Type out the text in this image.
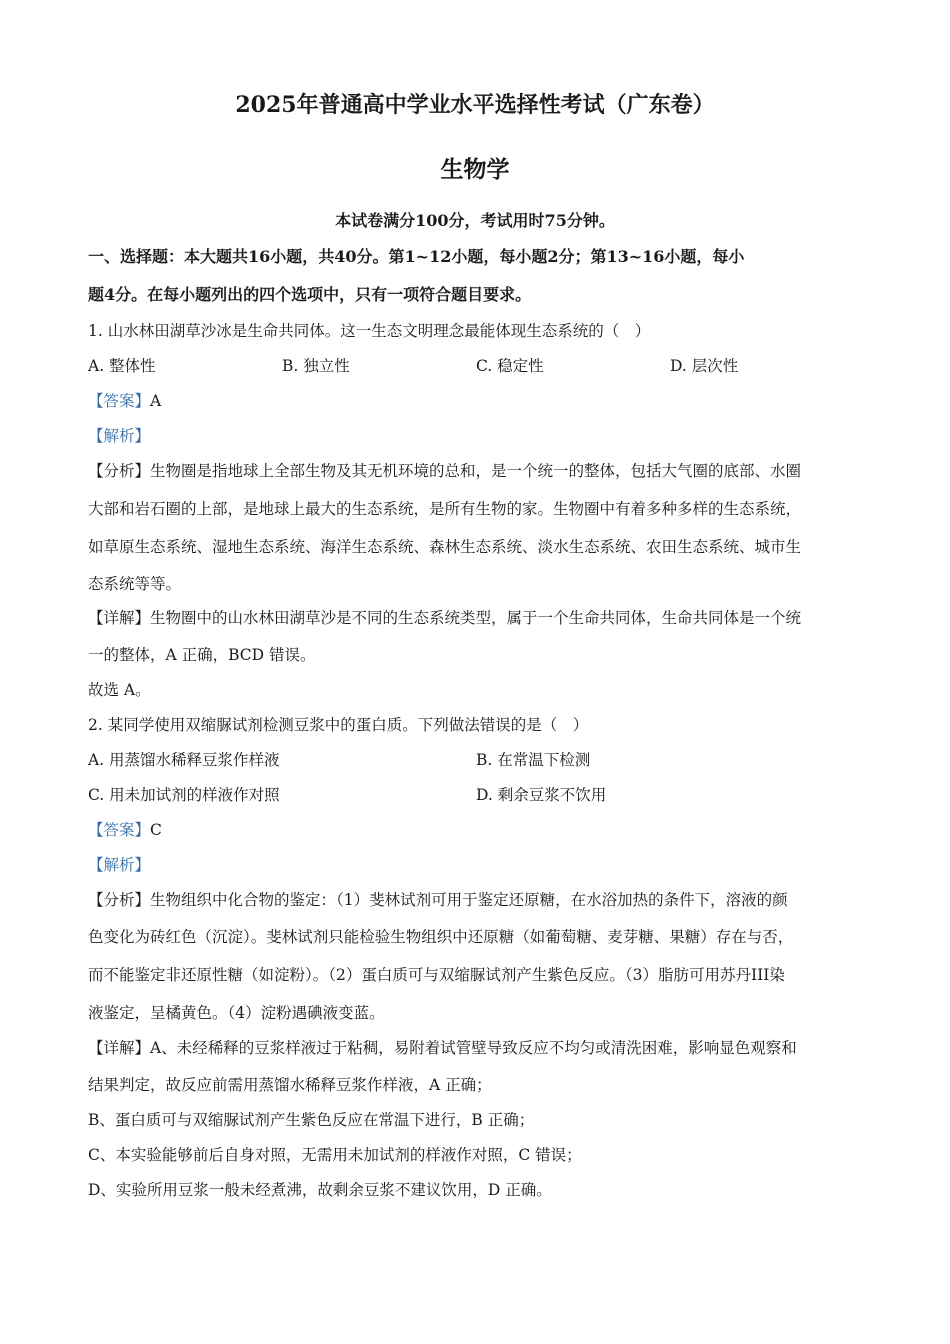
2025年普通高中学业水平选择性考试（广东卷）
生物学
本试卷满分100分，考试用时75分钟。
一、选择题：本大题共16小题，共40分。第1~12小题，每小题2分；第13~16小题，每小
题4分。在每小题列出的四个选项中，只有一项符合题目要求。
1. 山水林田湖草沙冰是生命共同体。这一生态文明理念最能体现生态系统的（　）
A. 整体性	B. 独立性	C. 稳定性	D. 层次性
【答案】A
【解析】
【分析】生物圈是指地球上全部生物及其无机环境的总和，是一个统一的整体，包括大气圈的底部、水圈
大部和岩石圈的上部，是地球上最大的生态系统，是所有生物的家。生物圈中有着多种多样的生态系统，
如草原生态系统、湿地生态系统、海洋生态系统、森林生态系统、淡水生态系统、农田生态系统、城市生
态系统等等。
【详解】生物圈中的山水林田湖草沙是不同的生态系统类型，属于一个生命共同体，生命共同体是一个统
一的整体，A 正确，BCD 错误。
故选 A。
2. 某同学使用双缩脲试剂检测豆浆中的蛋白质。下列做法错误的是（　）
A. 用蒸馏水稀释豆浆作样液	B. 在常温下检测
C. 用未加试剂的样液作对照	D. 剩余豆浆不饮用
【答案】C
【解析】
【分析】生物组织中化合物的鉴定：（1）斐林试剂可用于鉴定还原糖，在水浴加热的条件下，溶液的颜
色变化为砖红色（沉淀）。斐林试剂只能检验生物组织中还原糖（如葡萄糖、麦芽糖、果糖）存在与否，
而不能鉴定非还原性糖（如淀粉）。（2）蛋白质可与双缩脲试剂产生紫色反应。（3）脂肪可用苏丹III染
液鉴定，呈橘黄色。（4）淀粉遇碘液变蓝。
【详解】A、未经稀释的豆浆样液过于粘稠，易附着试管壁导致反应不均匀或清洗困难，影响显色观察和
结果判定，故反应前需用蒸馏水稀释豆浆作样液，A 正确；
B、蛋白质可与双缩脲试剂产生紫色反应在常温下进行，B 正确；
C、本实验能够前后自身对照，无需用未加试剂的样液作对照，C 错误；
D、实验所用豆浆一般未经煮沸，故剩余豆浆不建议饮用，D 正确。
